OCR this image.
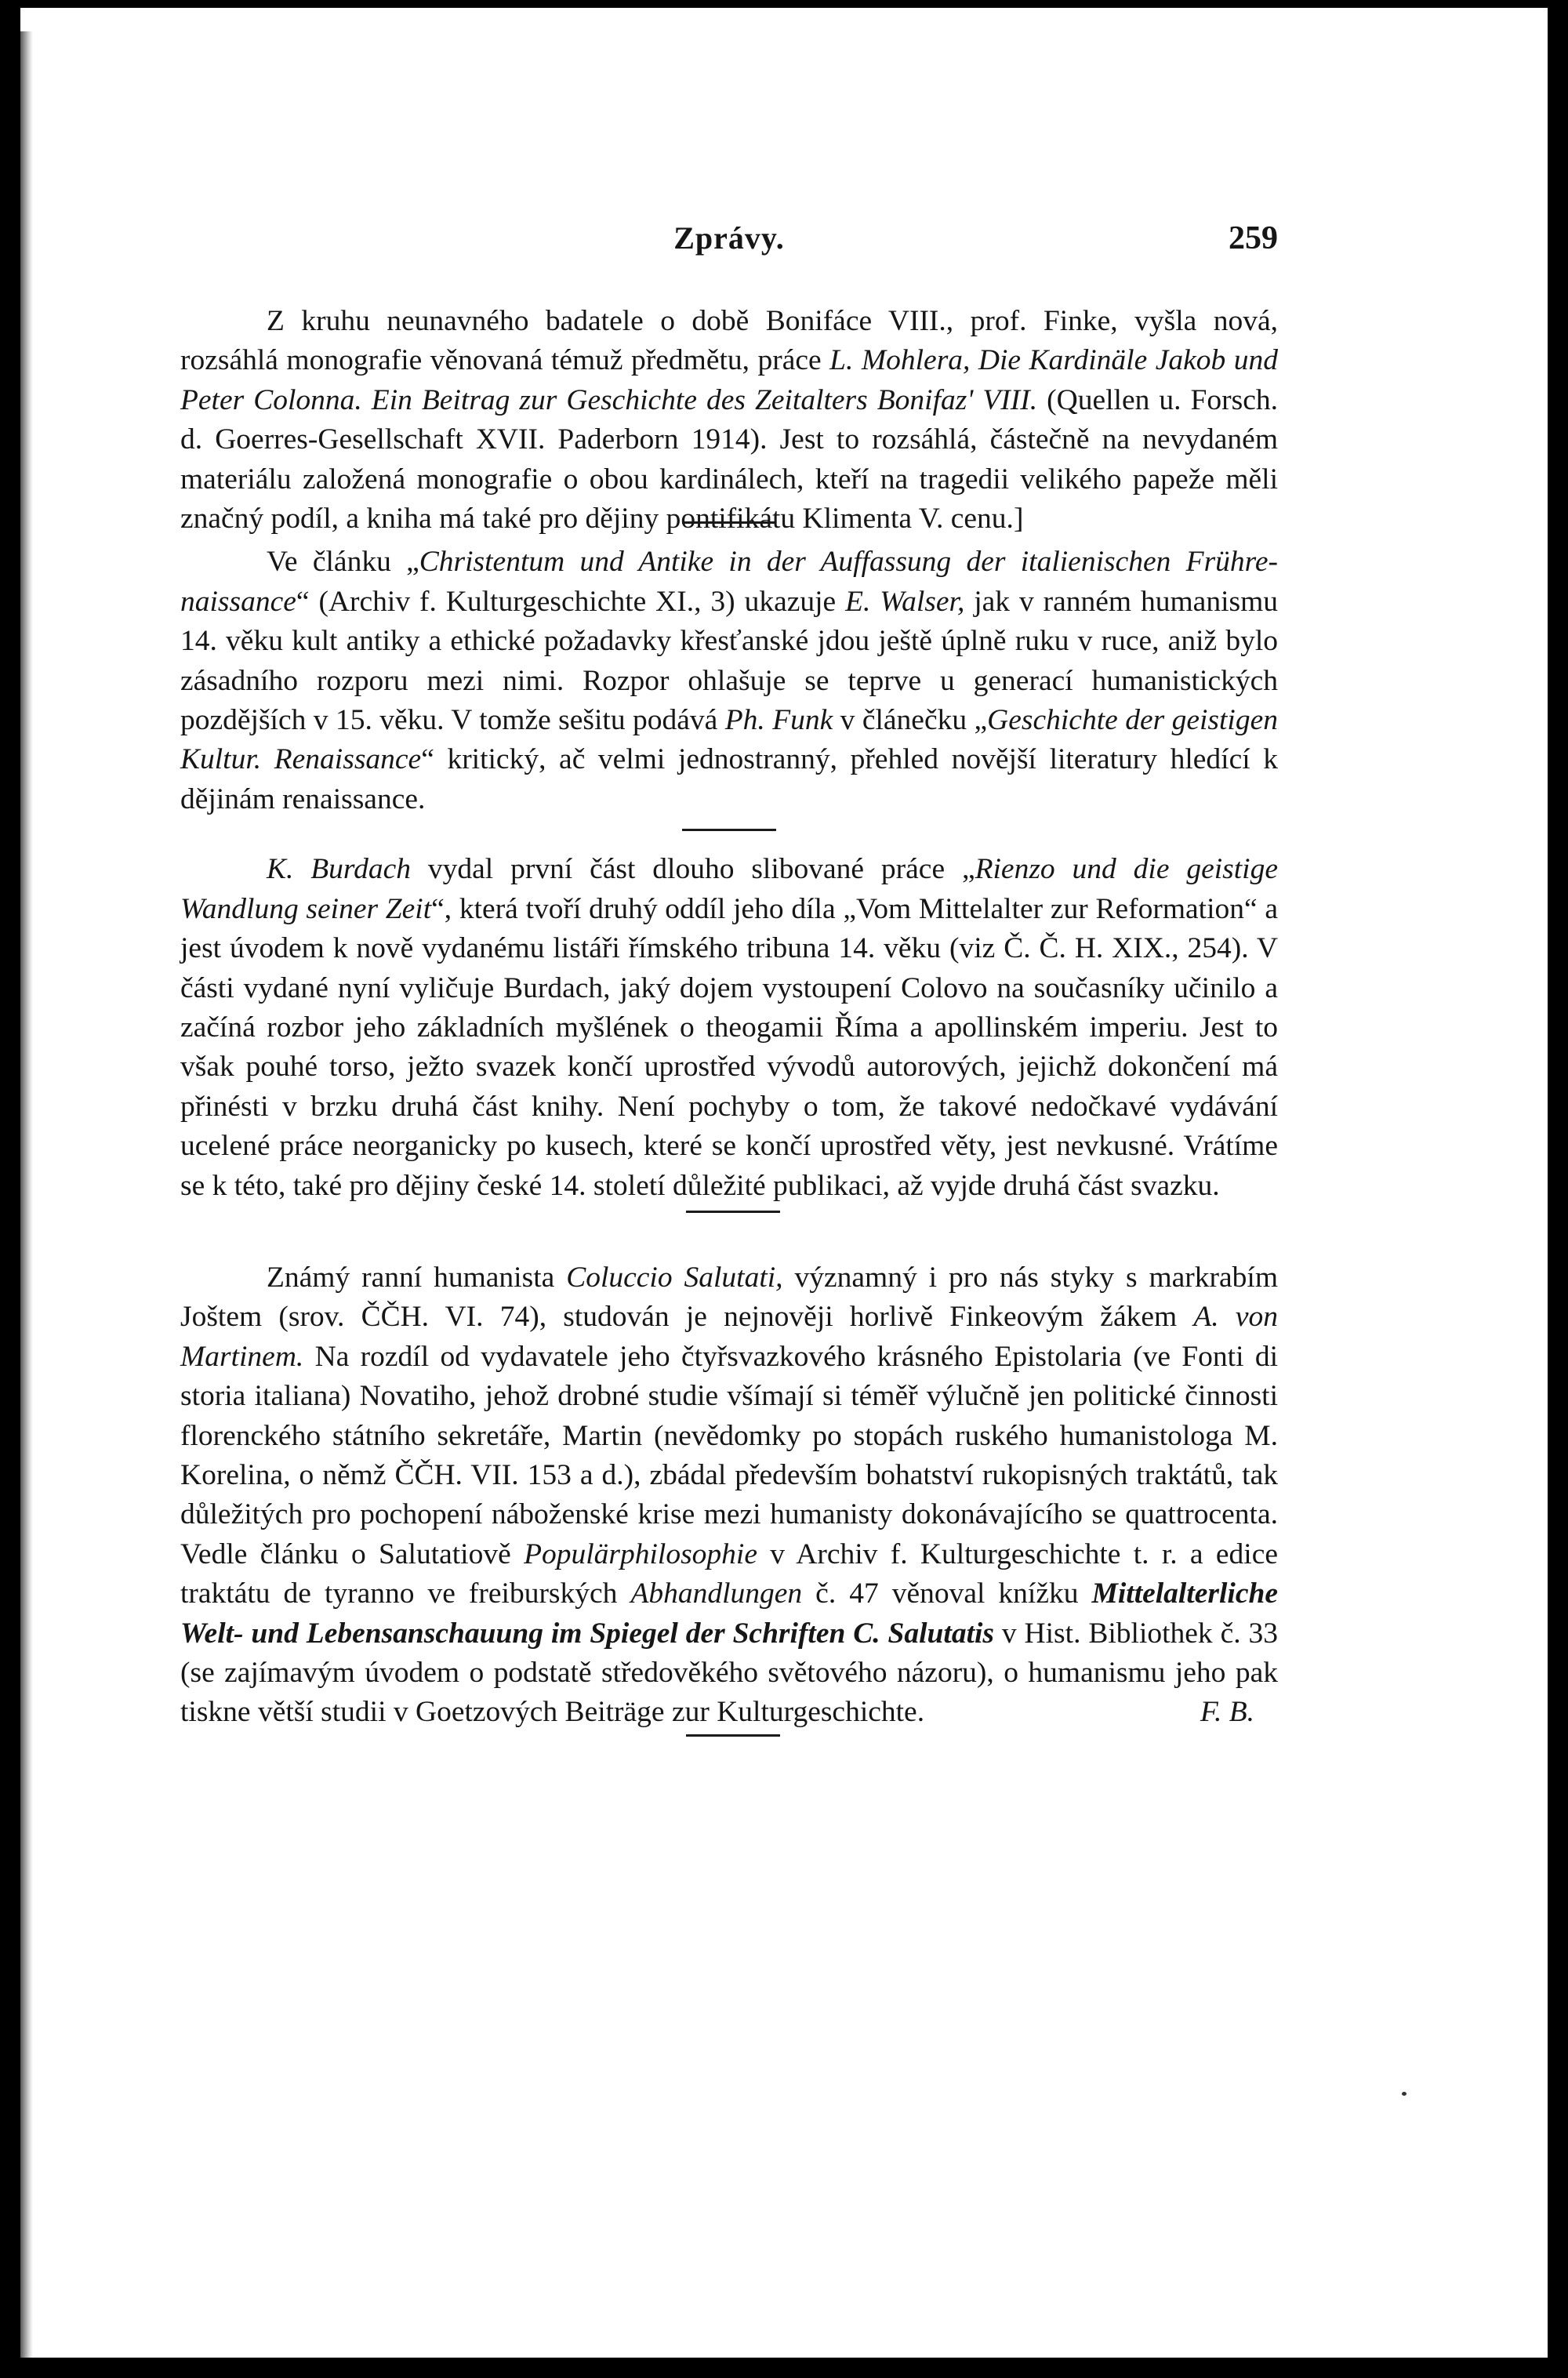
Zprávy.	259

Z kruhu neunavného badatele o době Bonifáce VIII., prof. Finke, vyšla nová, rozsáhlá monografie věnovaná témuž předmětu, práce L. Mohlera, Die Kardinäle Jakob und Peter Colonna. Ein Beitrag zur Geschichte des Zeitalters Bonifaz' VIII. (Quellen u. Forsch. d. Goerres-Gesellschaft XVII. Paderborn 1914). Jest to rozsáhlá, částečně na nevydaném materiálu založená monografie o obou kardinálech, kteří na tragedii velikého papeže měli značný podíl, a kniha má také pro dějiny pontifikátu Klimenta V. cenu.]

Ve článku „Christentum und Antike in der Auffassung der italienischen Frührenaissance“ (Archiv f. Kulturgeschichte XI., 3) ukazuje E. Walser, jak v ranném humanismu 14. věku kult antiky a ethické požadavky křesťanské jdou ještě úplně ruku v ruce, aniž bylo zásadního rozporu mezi nimi. Rozpor ohlašuje se teprve u generací humanistických pozdějších v 15. věku. V tomže sešitu podává Ph. Funk v článečku „Geschichte der geistigen Kultur. Renaissance“ kritický, ač velmi jednostranný, přehled novější literatury hledící k dějinám renaissance.

K. Burdach vydal první část dlouho slibované práce „Rienzo und die geistige Wandlung seiner Zeit“, která tvoří druhý oddíl jeho díla „Vom Mittelalter zur Reformation“ a jest úvodem k nově vydanému listáři římského tribuna 14. věku (viz Č. Č. H. XIX., 254). V části vydané nyní vyličuje Burdach, jaký dojem vystoupení Colovo na současníky učinilo a začíná rozbor jeho základních myšlének o theogamii Říma a apollinském imperiu. Jest to však pouhé torso, ježto svazek končí uprostřed vývodů autorových, jejichž dokončení má přinésti v brzku druhá část knihy. Není pochyby o tom, že takové nedočkavé vydávání ucelené práce neorganicky po kusech, které se končí uprostřed věty, jest nevkusné. Vrátíme se k této, také pro dějiny české 14. století důležité publikaci, až vyjde druhá část svazku.

Známý ranní humanista Coluccio Salutati, významný i pro nás styky s markrabím Joštem (srov. ČČH. VI. 74), studován je nejnověji horlivě Finkeovým žákem A. von Martinem. Na rozdíl od vydavatele jeho čtyřsvazkového krásného Epistolaria (ve Fonti di storia italiana) Novatiho, jehož drobné studie všímají si téměř výlučně jen politické činnosti florenckého státního sekretáře, Martin (nevědomky po stopách ruského humanistologa M. Korelina, o němž ČČH. VII. 153 a d.), zbádal především bohatství rukopisných traktátů, tak důležitých pro pochopení náboženské krise mezi humanisty dokonávajícího se quattrocenta. Vedle článku o Salutatiově Populärphilosophie v Archiv f. Kulturgeschichte t. r. a edice traktátu de tyranno ve freiburských Abhandlungen č. 47 věnoval knížku Mittelalterliche Welt- und Lebensanschauung im Spiegel der Schriften C. Salutatis v Hist. Bibliothek č. 33 (se zajímavým úvodem o podstatě středověkého světového názoru), o humanismu jeho pak tiskne větší studii v Goetzových Beiträge zur Kulturgeschichte.	F. B.
